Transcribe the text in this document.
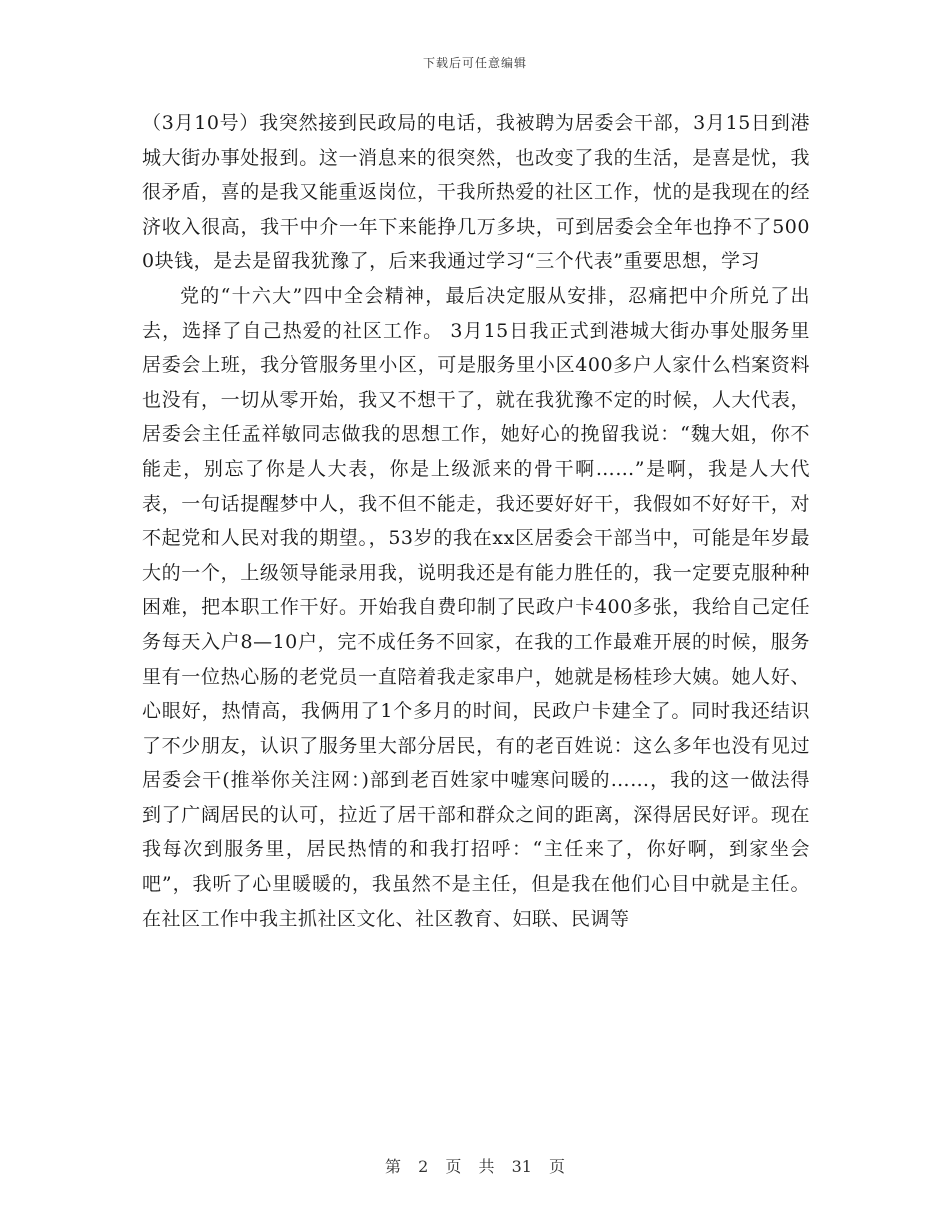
下载后可任意编辑

（3月10号）我突然接到民政局的电话，我被聘为居委会干部，3月15日到港城大街办事处报到。这一消息来的很突然，也改变了我的生活，是喜是忧，我很矛盾，喜的是我又能重返岗位，干我所热爱的社区工作，忧的是我现在的经济收入很高，我干中介一年下来能挣几万多块，可到居委会全年也挣不了5000块钱，是去是留我犹豫了，后来我通过学习“三个代表”重要思想，学习

党的“十六大”四中全会精神，最后决定服从安排，忍痛把中介所兑了出去，选择了自己热爱的社区工作。 3月15日我正式到港城大街办事处服务里居委会上班，我分管服务里小区，可是服务里小区400多户人家什么档案资料也没有，一切从零开始，我又不想干了，就在我犹豫不定的时候，人大代表，居委会主任孟祥敏同志做我的思想工作，她好心的挽留我说：“魏大姐，你不能走，别忘了你是人大表，你是上级派来的骨干啊……”是啊，我是人大代表，一句话提醒梦中人，我不但不能走，我还要好好干，我假如不好好干，对不起党和人民对我的期望。，53岁的我在xx区居委会干部当中，可能是年岁最大的一个，上级领导能录用我，说明我还是有能力胜任的，我一定要克服种种困难，把本职工作干好。开始我自费印制了民政户卡400多张，我给自己定任务每天入户8—10户，完不成任务不回家，在我的工作最难开展的时候，服务里有一位热心肠的老党员一直陪着我走家串户，她就是杨桂珍大姨。她人好、心眼好，热情高，我俩用了1个多月的时间，民政户卡建全了。同时我还结识了不少朋友，认识了服务里大部分居民，有的老百姓说：这么多年也没有见过居委会干(推举你关注网：)部到老百姓家中嘘寒问暖的……，我的这一做法得到了广阔居民的认可，拉近了居干部和群众之间的距离，深得居民好评。现在我每次到服务里，居民热情的和我打招呼：“主任来了，你好啊，到家坐会吧”，我听了心里暖暖的，我虽然不是主任，但是我在他们心目中就是主任。在社区工作中我主抓社区文化、社区教育、妇联、民调等

第 2 页 共 31 页
